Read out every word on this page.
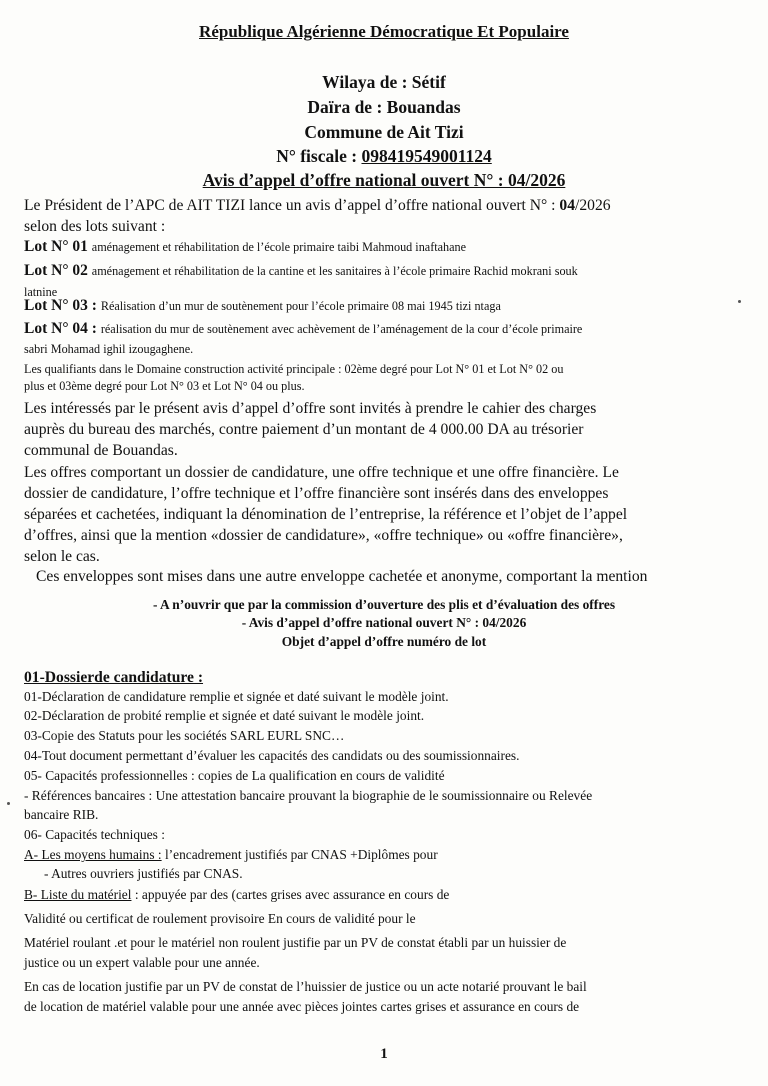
République Algérienne Démocratique Et Populaire
Wilaya de : Sétif
Daïra de : Bouandas
Commune de Ait Tizi
N° fiscale : 098419549001124
Avis d’appel d’offre national ouvert N° : 04/2026
Le Président de l’APC de AIT TIZI lance un avis d’appel d’offre national ouvert N° : 04/2026
selon des lots suivant :
Lot N° 01 aménagement et réhabilitation de l’école primaire taibi Mahmoud inaftahane
Lot N° 02 aménagement et réhabilitation de la cantine et les sanitaires à l’école primaire Rachid mokrani souk
latnine
Lot N° 03 : Réalisation d’un mur de soutènement pour l’école primaire 08 mai 1945 tizi ntaga
Lot N° 04 : réalisation du mur de soutènement avec achèvement de l’aménagement de la cour d’école primaire
sabri Mohamad ighil izougaghene.
Les qualifiants dans le Domaine construction activité principale : 02ème degré pour Lot N° 01 et Lot N° 02 ou
plus et 03ème degré pour Lot N° 03 et Lot N° 04 ou plus.
Les intéressés par le présent avis d’appel d’offre sont invités à prendre le cahier des charges
auprès du bureau des marchés, contre paiement d’un montant de 4 000.00 DA au trésorier
communal de Bouandas.
Les offres comportant un dossier de candidature, une offre technique et une offre financière. Le
dossier de candidature, l’offre technique et l’offre financière sont insérés dans des enveloppes
séparées et cachetées, indiquant la dénomination de l’entreprise, la référence et l’objet de l’appel
d’offres, ainsi que la mention «dossier de candidature», «offre technique» ou «offre financière»,
selon le cas.
Ces enveloppes sont mises dans une autre enveloppe cachetée et anonyme, comportant la mention
- A n’ouvrir que par la commission d’ouverture des plis et d’évaluation des offres
- Avis d’appel d’offre national ouvert N° : 04/2026
Objet d’appel d’offre numéro de lot
01-Dossierde candidature :
01-Déclaration de candidature remplie et signée et daté suivant le modèle joint.
02-Déclaration de probité remplie et signée et daté suivant le modèle joint.
03-Copie des Statuts pour les sociétés SARL EURL SNC…
04-Tout document permettant d’évaluer les capacités des candidats ou des soumissionnaires.
05- Capacités professionnelles : copies de La qualification en cours de validité
- Références bancaires : Une attestation bancaire prouvant la biographie de le soumissionnaire ou Relevée
bancaire RIB.
06- Capacités techniques :
A- Les moyens humains : l’encadrement justifiés par CNAS +Diplômes pour
- Autres ouvriers justifiés par CNAS.
B- Liste du matériel : appuyée par des (cartes grises avec assurance en cours de
Validité ou certificat de roulement provisoire En cours de validité pour le
Matériel roulant .et pour le matériel non roulent justifie par un PV de constat établi par un huissier de
justice ou un expert valable pour une année.
En cas de location justifie par un PV de constat de l’huissier de justice ou un acte notarié prouvant le bail
de location de matériel valable pour une année avec pièces jointes cartes grises et assurance en cours de
1
